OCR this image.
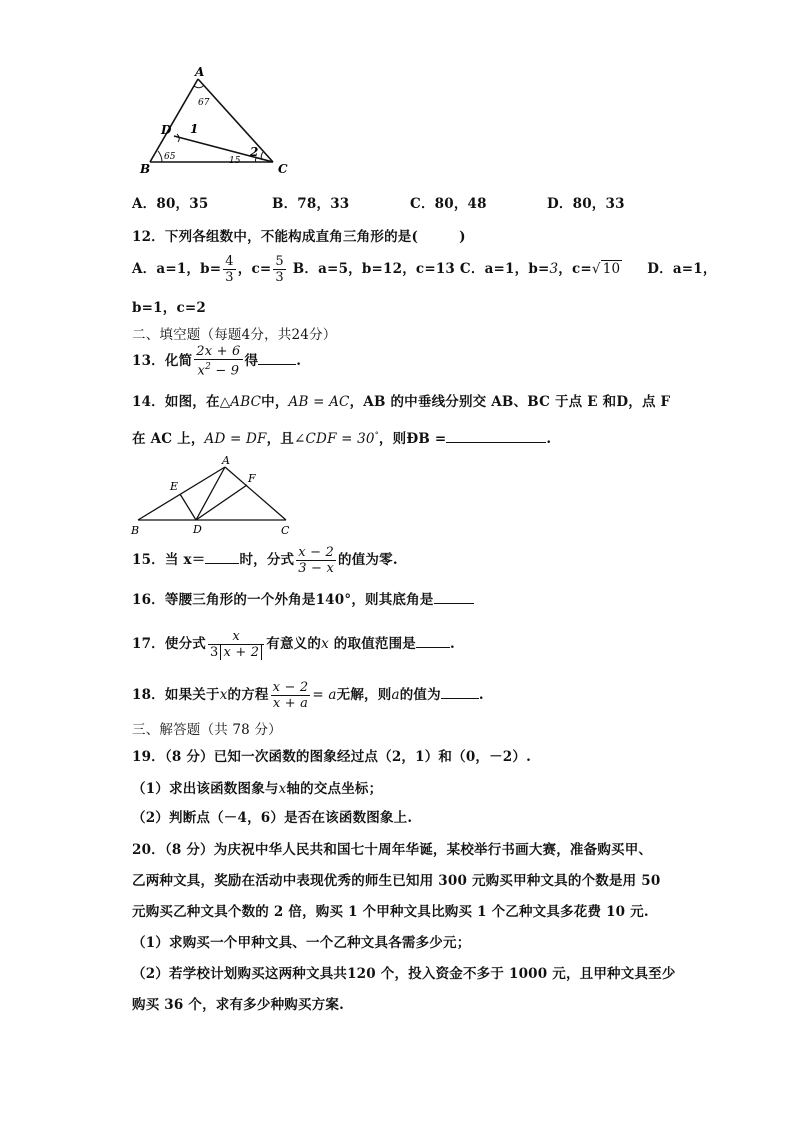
A
B	C
D 1
2
67
65	15
A．80，35	B．78，33	C．80，48	D．80，33
12．下列各组数中，不能构成直角三角形的是(　　　)
A．a=1，$b= \frac{4}{3}$ ，$c= \frac{5}{3}$ B．a=5，b=12，c=13 C．a=1，b=3，c=√ 10 D．a=1，
b=1，c=2
二、填空题（每题4分，共24分）
13．化简 $\frac{2x + 6}{x^2 - 9}$ 得	.
14．如图，在△ABC中，AB = AC，AB 的中垂线分别交 AB、BC 于点 E 和D，点 F
在 AC 上，AD = DF，且∠CDF = 30°，则ÐB =	.
A
B	C
D
E
F
15．当 x＝	时，分式 $\frac{x - 2}{3 - x}$ 的值为零.
16．等腰三角形的一个外角是140°，则其底角是
17．使分式 $\frac{x}{3 x + 2}$ 有意义的x 的取值范围是	.
18．如果关于x的方程 $\frac{x - 2}{x + a} = a$无解，则a的值为	.
三、解答题（共 78 分）
19．（8 分）已知一次函数的图象经过点（2，1）和（0，－2）.
（1）求出该函数图象与x轴的交点坐标；
（2）判断点（－4，6）是否在该函数图象上.
20．（8 分）为庆祝中华人民共和国七十周年华诞，某校举行书画大赛，准备购买甲、
乙两种文具，奖励在活动中表现优秀的师生已知用 300 元购买甲种文具的个数是用 50
元购买乙种文具个数的 2 倍，购买 1 个甲种文具比购买 1 个乙种文具多花费 10 元.
（1）求购买一个甲种文具、一个乙种文具各需多少元；
（2）若学校计划购买这两种文具共120 个，投入资金不多于 1000 元，且甲种文具至少
购买 36 个，求有多少种购买方案.
